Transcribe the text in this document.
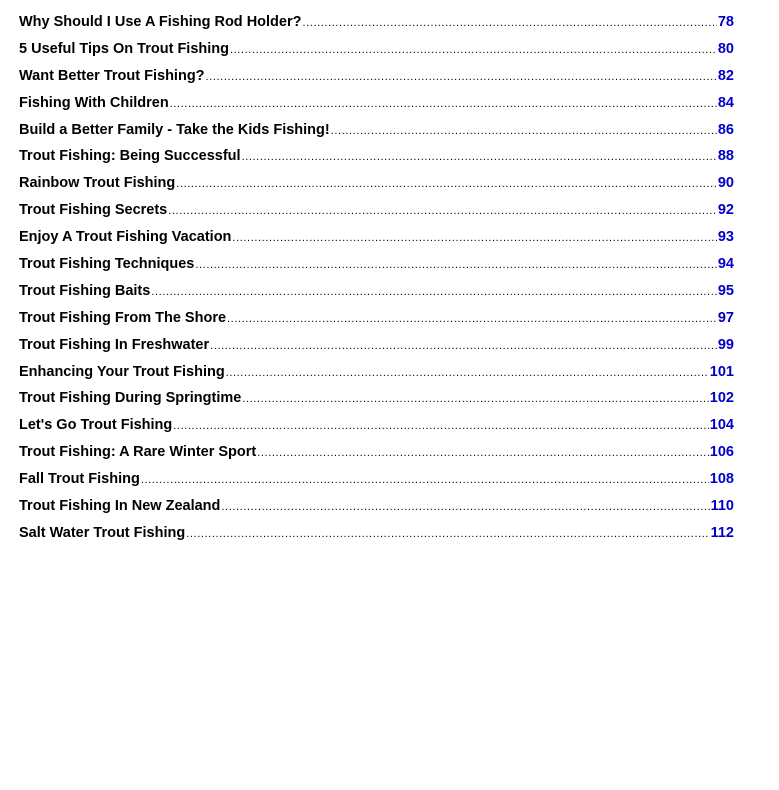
Why Should I Use A Fishing Rod Holder? .....	78
5 Useful Tips On Trout Fishing .....	80
Want Better Trout Fishing? .....	82
Fishing With Children .....	84
Build a Better Family - Take the Kids Fishing! .....	86
Trout Fishing: Being Successful .....	88
Rainbow Trout Fishing .....	90
Trout Fishing Secrets .....	92
Enjoy A Trout Fishing Vacation .....	93
Trout Fishing Techniques .....	94
Trout Fishing Baits .....	95
Trout Fishing From The Shore .....	97
Trout Fishing In Freshwater .....	99
Enhancing Your Trout Fishing .....	101
Trout Fishing During Springtime .....	102
Let's Go Trout Fishing .....	104
Trout Fishing: A Rare Winter Sport .....	106
Fall Trout Fishing .....	108
Trout Fishing In New Zealand .....	110
Salt Water Trout Fishing .....	112
